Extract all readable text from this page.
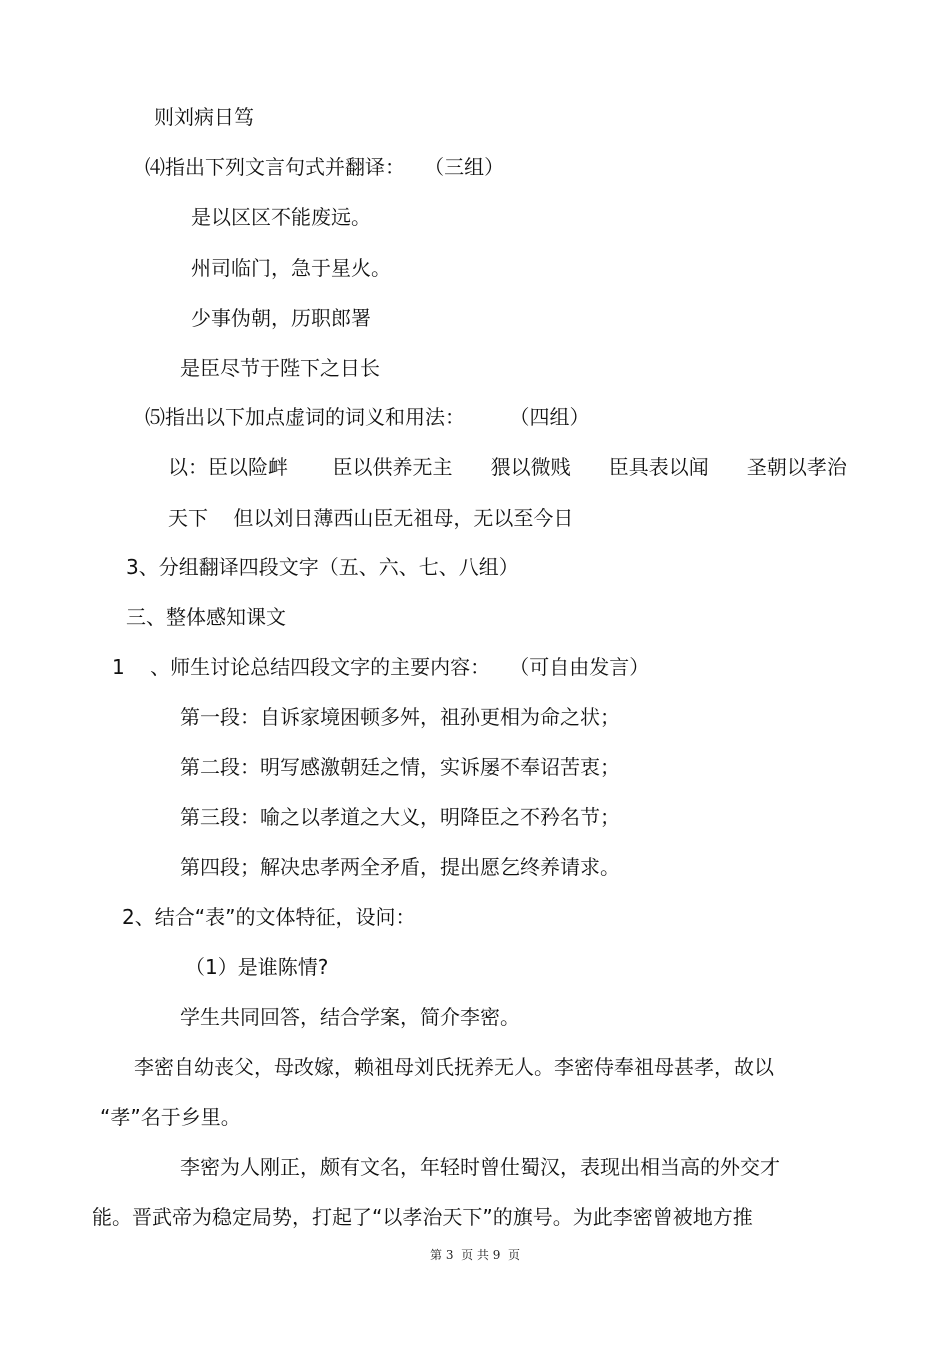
则刘病日笃

⑷指出下列文言句式并翻译：   （三组）

是以区区不能废远。

州司临门，急于星火。

少事伪朝，历职郎署

是臣尽节于陛下之日长

⑸指出以下加点虚词的词义和用法：       （四组）

以：臣以险衅       臣以供养无主      猥以微贱      臣具表以闻      圣朝以孝治

天下    但以刘日薄西山臣无祖母，无以至今日

3、分组翻译四段文字（五、六、七、八组）

三、整体感知课文

1    、师生讨论总结四段文字的主要内容：   （可自由发言）

第一段：自诉家境困顿多舛，祖孙更相为命之状；

第二段：明写感激朝廷之情，实诉屡不奉诏苦衷；

第三段：喻之以孝道之大义，明降臣之不矜名节；

第四段；解决忠孝两全矛盾，提出愿乞终养请求。

2、结合“表”的文体特征，设问：

（1）是谁陈情?

学生共同回答，结合学案，简介李密。

李密自幼丧父，母改嫁，赖祖母刘氏抚养无人。李密侍奉祖母甚孝，故以

“孝”名于乡里。

李密为人刚正，颇有文名，年轻时曾仕蜀汉，表现出相当高的外交才

能。晋武帝为稳定局势，打起了“以孝治天下”的旗号。为此李密曾被地方推

第 3  页 共 9  页
